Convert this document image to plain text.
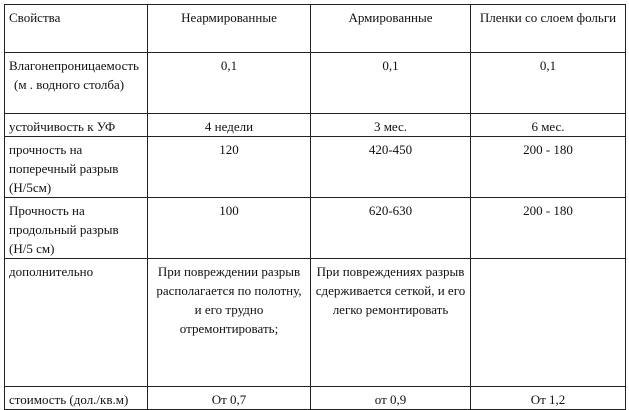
Свойства	Неармированные	Армированные	Пленки со слоем фольги

Влагонепроницаемость
(м . водного столба)	0,1	0,1	0,1
устойчивость к УФ	4 недели	3 мес.	6 мес.
прочность на поперечный разрыв (Н/5см)	120	420-450	200 - 180
Прочность на продольный разрыв (Н/5 см)	100	620-630	200 - 180
дополнительно	При повреждении разрыв располагается по полотну, и его трудно отремонтировать;	При повреждениях разрыв сдерживается сеткой, и его легко ремонтировать	
стоимость (дол./кв.м)	От 0,7	от 0,9	От 1,2
